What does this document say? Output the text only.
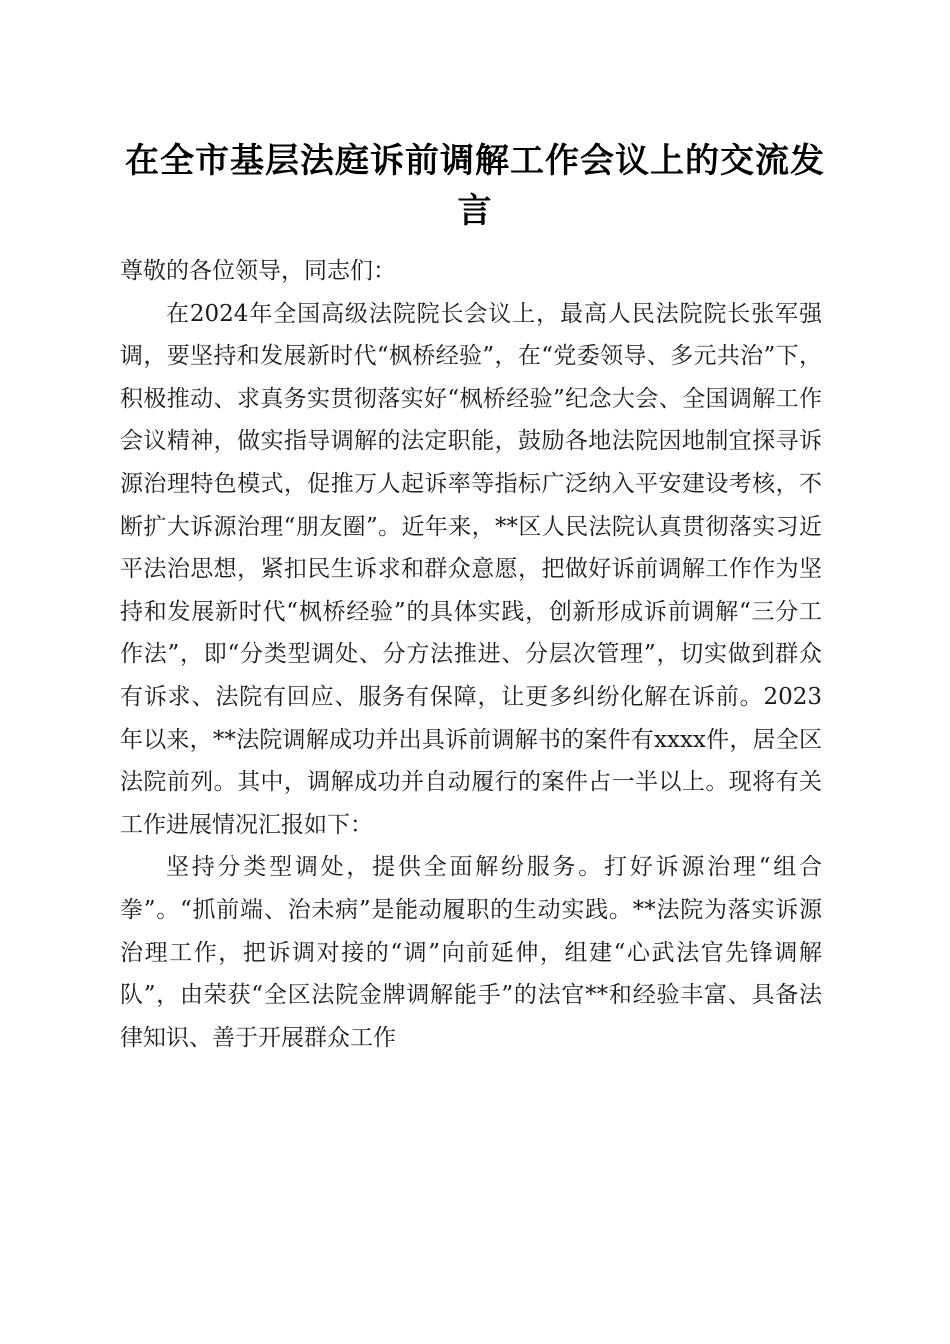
在全市基层法庭诉前调解工作会议上的交流发言

尊敬的各位领导，同志们：

在2024年全国高级法院院长会议上，最高人民法院院长张军强调，要坚持和发展新时代“枫桥经验”，在“党委领导、多元共治”下，积极推动、求真务实贯彻落实好“枫桥经验”纪念大会、全国调解工作会议精神，做实指导调解的法定职能，鼓励各地法院因地制宜探寻诉源治理特色模式，促推万人起诉率等指标广泛纳入平安建设考核，不断扩大诉源治理“朋友圈”。近年来，**区人民法院认真贯彻落实习近平法治思想，紧扣民生诉求和群众意愿，把做好诉前调解工作作为坚持和发展新时代“枫桥经验”的具体实践，创新形成诉前调解“三分工作法”，即“分类型调处、分方法推进、分层次管理”，切实做到群众有诉求、法院有回应、服务有保障，让更多纠纷化解在诉前。2023年以来，**法院调解成功并出具诉前调解书的案件有xxxx件，居全区法院前列。其中，调解成功并自动履行的案件占一半以上。现将有关工作进展情况汇报如下：

坚持分类型调处，提供全面解纷服务。打好诉源治理“组合拳”。“抓前端、治未病”是能动履职的生动实践。**法院为落实诉源治理工作，把诉调对接的“调”向前延伸，组建“心武法官先锋调解队”，由荣获“全区法院金牌调解能手”的法官**和经验丰富、具备法律知识、善于开展群众工作
